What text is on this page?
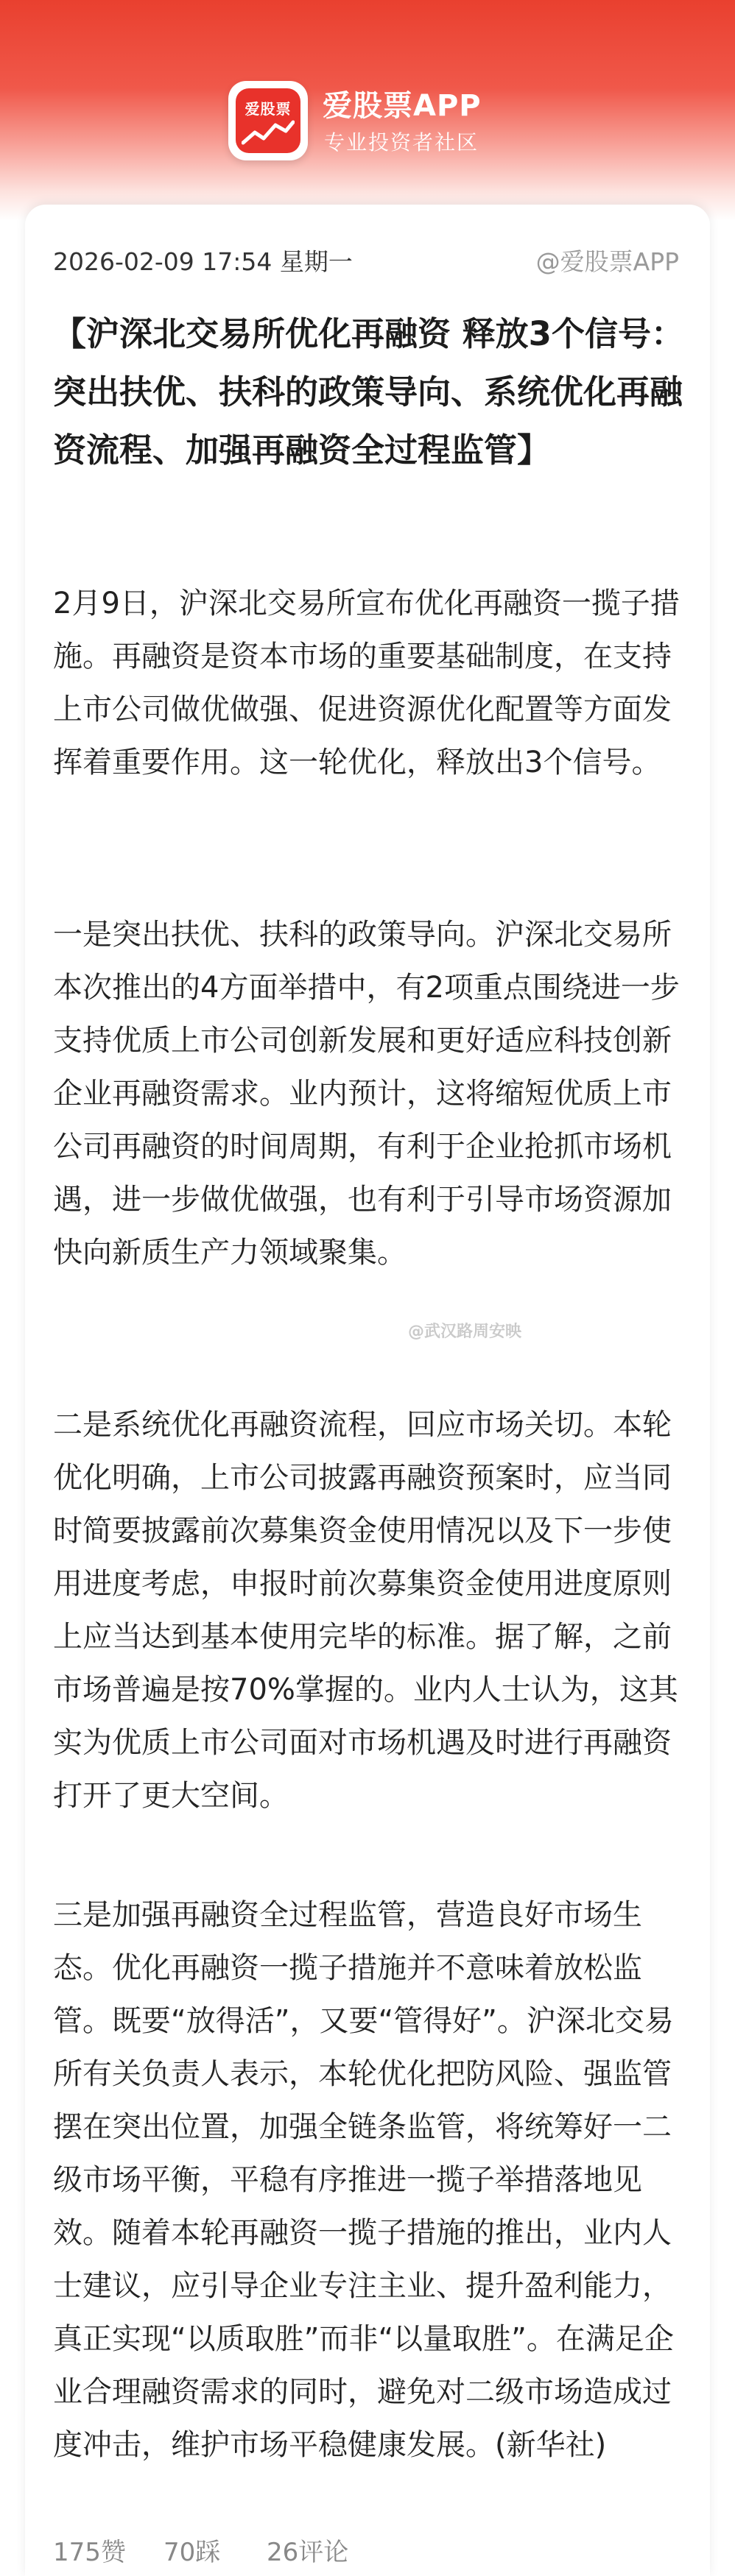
爱股票	爱股票APP
专业投资者社区
2026-02-09 17:54 星期一	@爱股票APP
【沪深北交易所优化再融资 释放3个信号：突出扶优、扶科的政策导向、系统优化再融资流程、加强再融资全过程监管】

2月9日，沪深北交易所宣布优化再融资一揽子措施。再融资是资本市场的重要基础制度，在支持上市公司做优做强、促进资源优化配置等方面发挥着重要作用。这一轮优化，释放出3个信号。

一是突出扶优、扶科的政策导向。沪深北交易所本次推出的4方面举措中，有2项重点围绕进一步支持优质上市公司创新发展和更好适应科技创新企业再融资需求。业内预计，这将缩短优质上市公司再融资的时间周期，有利于企业抢抓市场机遇，进一步做优做强，也有利于引导市场资源加快向新质生产力领域聚集。

@武汉路周安映

二是系统优化再融资流程，回应市场关切。本轮优化明确，上市公司披露再融资预案时，应当同时简要披露前次募集资金使用情况以及下一步使用进度考虑，申报时前次募集资金使用进度原则上应当达到基本使用完毕的标准。据了解，之前市场普遍是按70%掌握的。业内人士认为，这其实为优质上市公司面对市场机遇及时进行再融资打开了更大空间。

三是加强再融资全过程监管，营造良好市场生态。优化再融资一揽子措施并不意味着放松监管。既要“放得活”，又要“管得好”。沪深北交易所有关负责人表示，本轮优化把防风险、强监管摆在突出位置，加强全链条监管，将统筹好一二级市场平衡，平稳有序推进一揽子举措落地见效。随着本轮再融资一揽子措施的推出，业内人士建议，应引导企业专注主业、提升盈利能力，真正实现“以质取胜”而非“以量取胜”。在满足企业合理融资需求的同时，避免对二级市场造成过度冲击，维护市场平稳健康发展。(新华社)

175赞 70踩 26评论
